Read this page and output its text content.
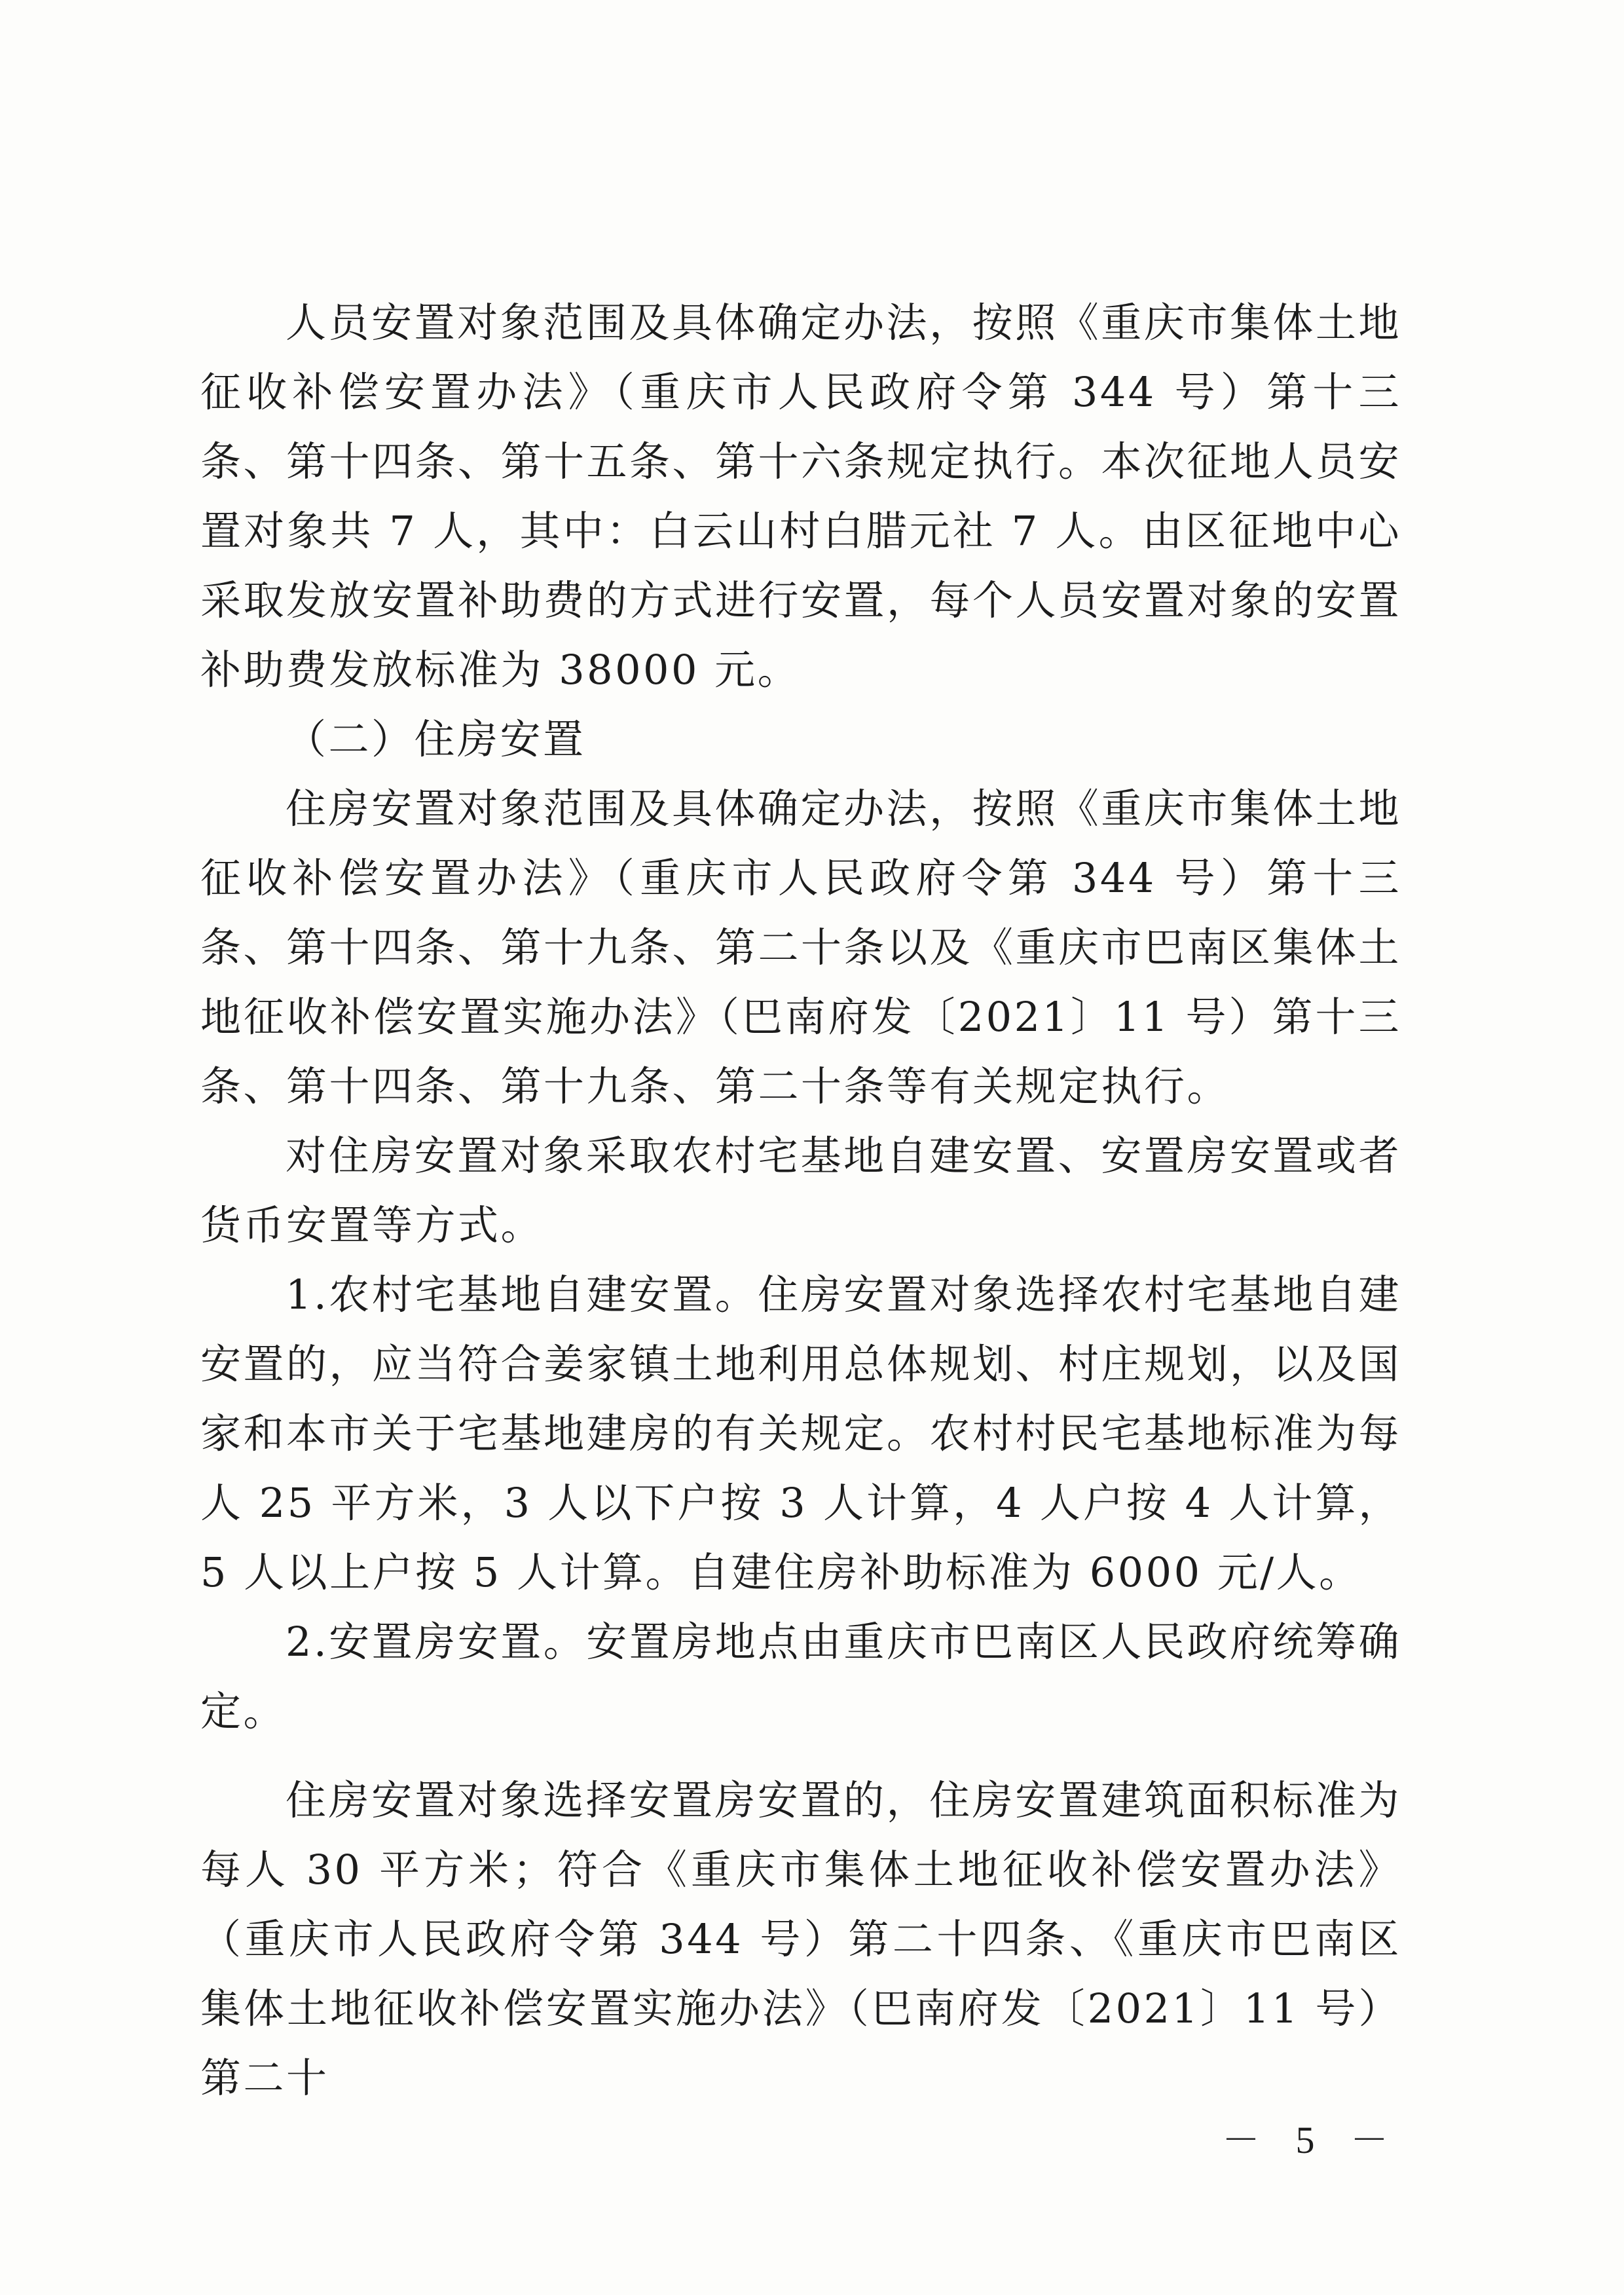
人员安置对象范围及具体确定办法，按照《重庆市集体土地征收补偿安置办法》（重庆市人民政府令第 344 号）第十三条、第十四条、第十五条、第十六条规定执行。本次征地人员安置对象共 7 人，其中：白云山村白腊元社 7 人。由区征地中心采取发放安置补助费的方式进行安置，每个人员安置对象的安置补助费发放标准为 38000 元。

（二）住房安置

住房安置对象范围及具体确定办法，按照《重庆市集体土地征收补偿安置办法》（重庆市人民政府令第 344 号）第十三条、第十四条、第十九条、第二十条以及《重庆市巴南区集体土地征收补偿安置实施办法》（巴南府发〔2021〕11 号）第十三条、第十四条、第十九条、第二十条等有关规定执行。

对住房安置对象采取农村宅基地自建安置、安置房安置或者货币安置等方式。

1.农村宅基地自建安置。住房安置对象选择农村宅基地自建安置的，应当符合姜家镇土地利用总体规划、村庄规划，以及国家和本市关于宅基地建房的有关规定。农村村民宅基地标准为每人 25 平方米，3 人以下户按 3 人计算，4 人户按 4 人计算，5 人以上户按 5 人计算。自建住房补助标准为 6000 元/人。

2.安置房安置。安置房地点由重庆市巴南区人民政府统筹确定。

住房安置对象选择安置房安置的，住房安置建筑面积标准为每人 30 平方米；符合《重庆市集体土地征收补偿安置办法》（重庆市人民政府令第 344 号）第二十四条、《重庆市巴南区集体土地征收补偿安置实施办法》（巴南府发〔2021〕11 号）第二十

－ 5 －
